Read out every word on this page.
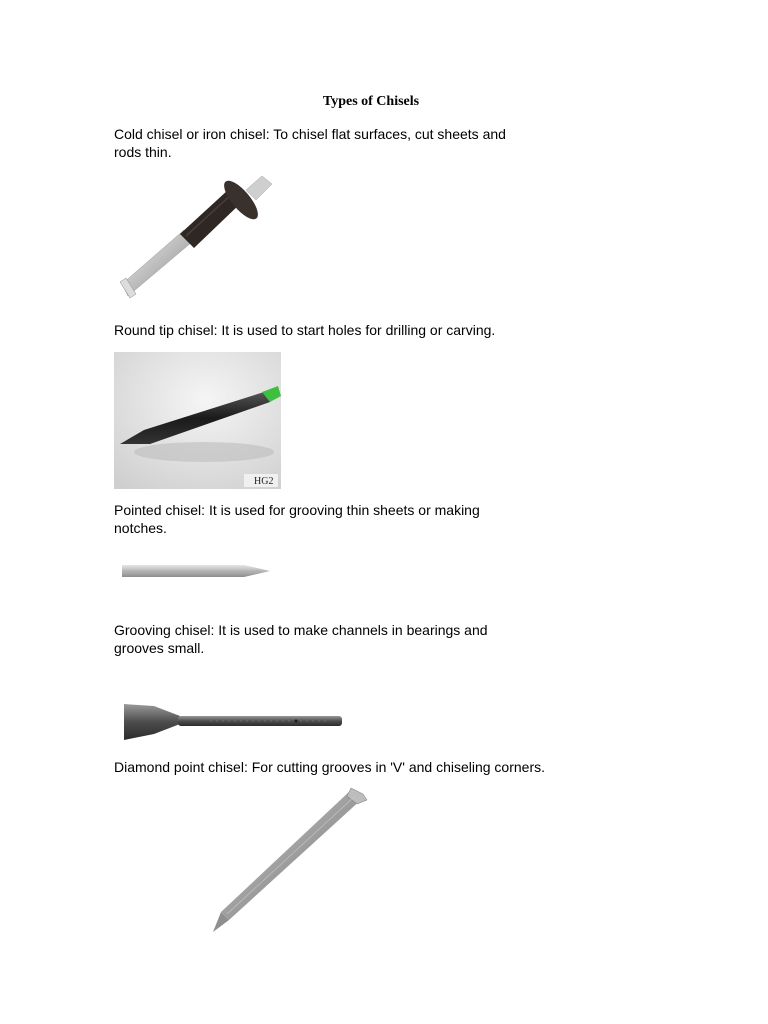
Types of Chisels
Cold chisel or iron chisel: To chisel flat surfaces, cut sheets and rods thin.
Round tip chisel: It is used to start holes for drilling or carving.
HG2
Pointed chisel: It is used for grooving thin sheets or making notches.
Grooving chisel: It is used to make channels in bearings and grooves small.
Diamond point chisel: For cutting grooves in 'V' and chiseling corners.
